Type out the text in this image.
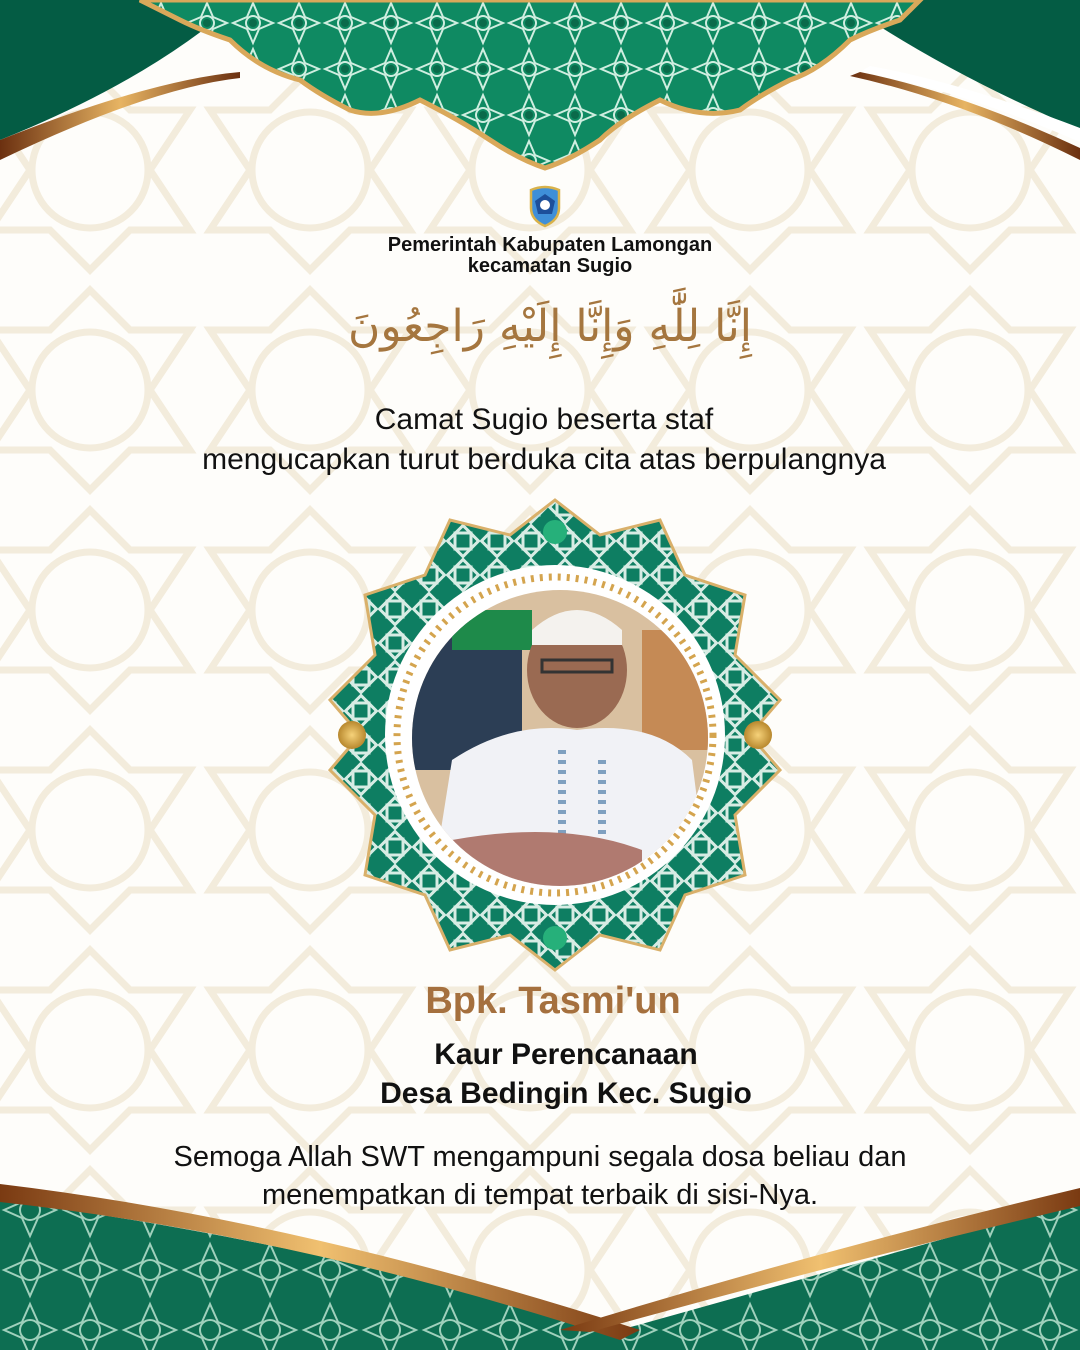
Pemerintah Kabupaten Lamongan
kecamatan Sugio
إِنَّا لِلَّٰهِ وَإِنَّا إِلَيْهِ رَاجِعُونَ
Camat Sugio beserta staf
mengucapkan turut berduka cita atas berpulangnya
Bpk. Tasmi'un
Kaur Perencanaan
Desa Bedingin Kec. Sugio
Semoga Allah SWT mengampuni segala dosa beliau dan
menempatkan di tempat terbaik di sisi-Nya.
